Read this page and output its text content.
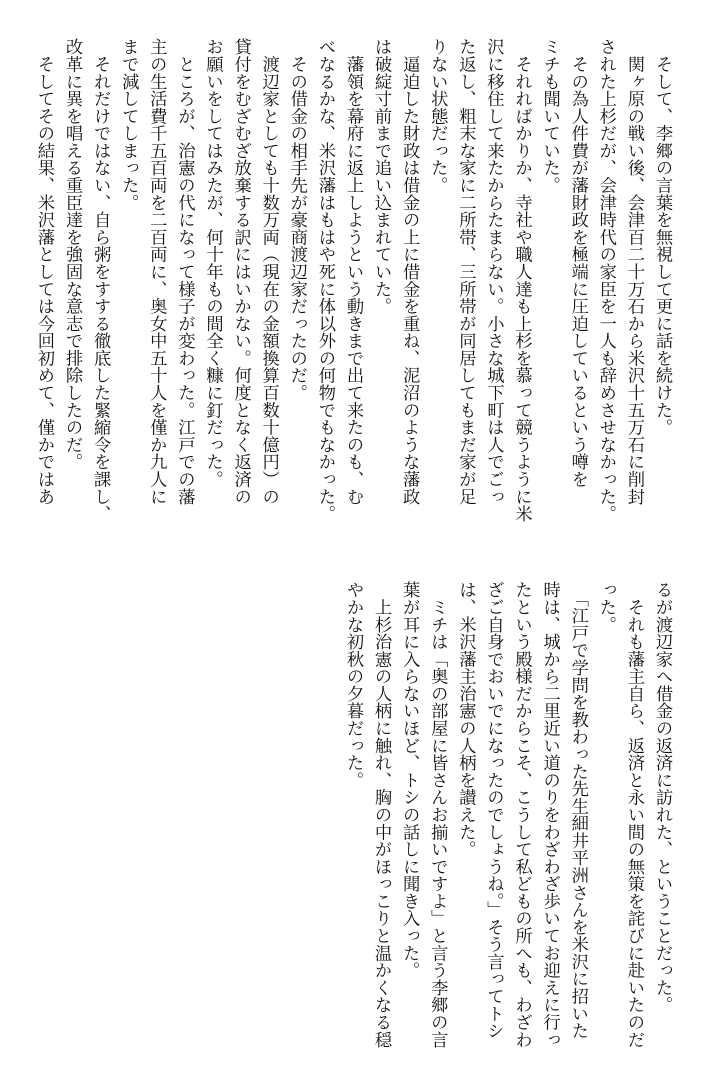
　そして、李郷の言葉を無視して更に話を続けた。
　関ヶ原の戦い後、会津百二十万石から米沢十五万石に削封
された上杉だが、会津時代の家臣を一人も辞めさせなかった。
　その為人件費が藩財政を極端に圧迫しているという噂を
ミチも聞いていた。
　それればかりか、寺社や職人達も上杉を慕って競うように米
沢に移住して来たからたまらない。小さな城下町は人でごっ
た返し、粗末な家に二所帯、三所帯が同居してもまだ家が足
りない状態だった。
　逼迫した財政は借金の上に借金を重ね、泥沼のような藩政
は破綻寸前まで追い込まれていた。
　藩領を幕府に返上しようという動きまで出て来たのも、む
べなるかな、米沢藩はもはや死に体以外の何物でもなかった。
　その借金の相手先が豪商渡辺家だったのだ。
　渡辺家としても十数万両（現在の金額換算百数十億円）の
貸付をむざむざ放棄する訳にはいかない。何度となく返済の
お願いをしてはみたが、何十年もの間全く糠に釘だった。
　ところが、治憲の代になって様子が変わった。江戸での藩
主の生活費千五百両を二百両に、奥女中五十人を僅か九人に
まで減してしまった。
　それだけではない、自ら粥をすする徹底した緊縮令を課し、
改革に異を唱える重臣達を強固な意志で排除したのだ。
　そしてその結果、米沢藩としては今回初めて、僅かではあ
るが渡辺家へ借金の返済に訪れた、ということだった。
　それも藩主自ら、返済と永い間の無策を詫びに赴いたのだ
った。
　「江戸で学問を教わった先生細井平洲さんを米沢に招いた
時は、城から二里近い道のりをわざわざ歩いてお迎えに行っ
たという殿様だからこそ、こうして私どもの所へも、わざわ
ざご自身でおいでになったのでしょうね。」そう言ってトシ
は、米沢藩主治憲の人柄を讃えた。
　ミチは「奥の部屋に皆さんお揃いですよ」と言う李郷の言
葉が耳に入らないほど、トシの話しに聞き入った。
　上杉治憲の人柄に触れ、胸の中がほっこりと温かくなる穏
やかな初秋の夕暮だった。
